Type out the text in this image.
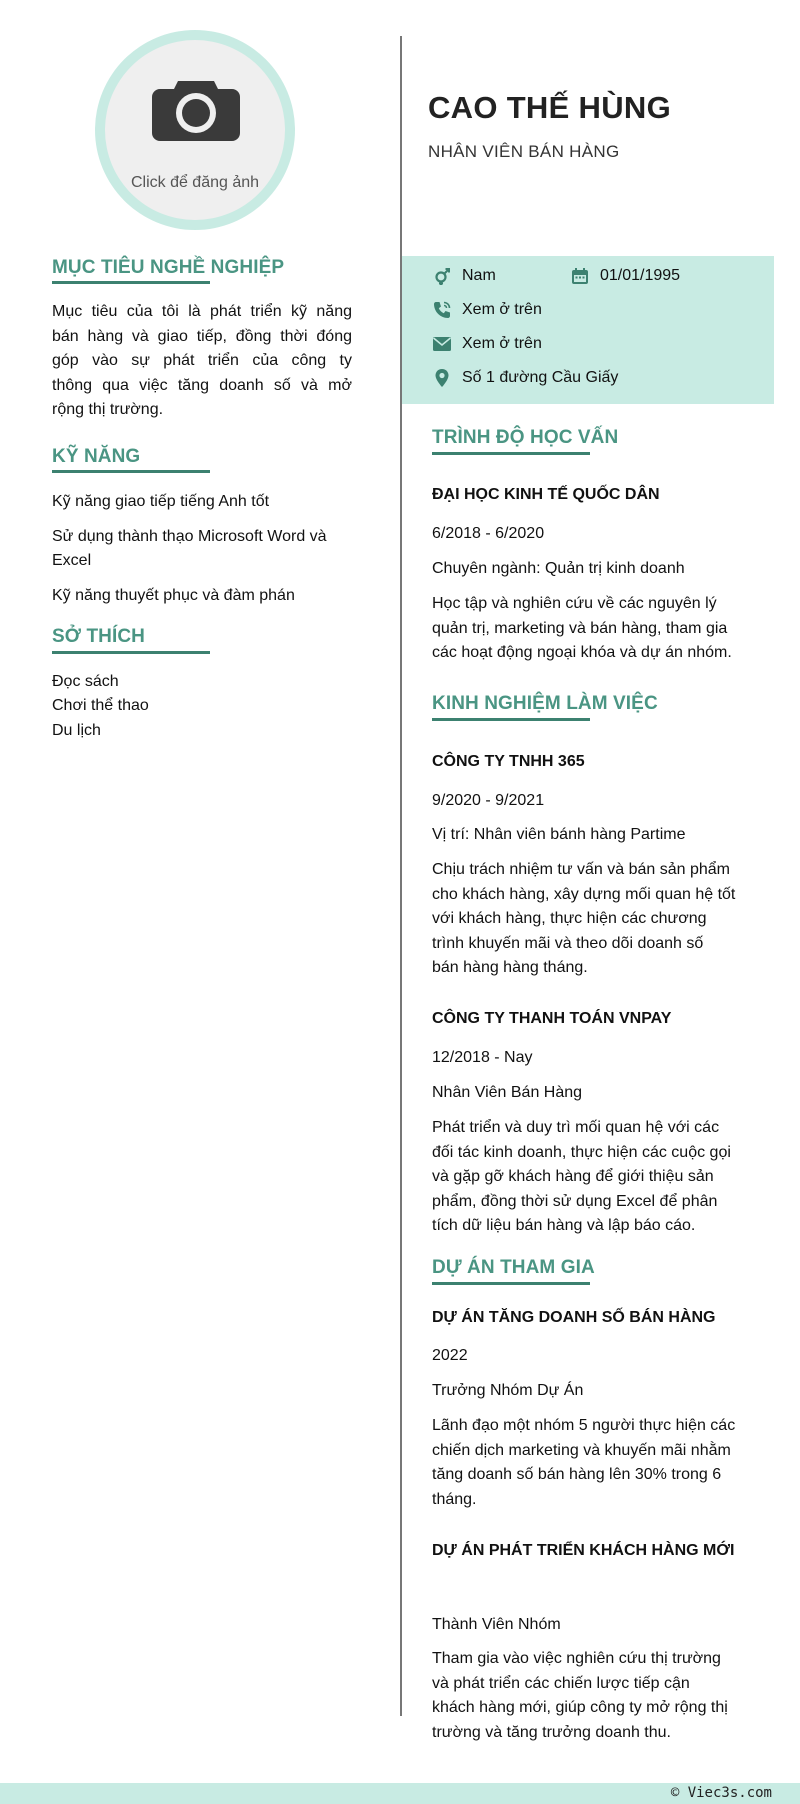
Click để đăng ảnh
MỤC TIÊU NGHỀ NGHIỆP
Mục tiêu của tôi là phát triển kỹ năng
bán hàng và giao tiếp, đồng thời đóng
góp vào sự phát triển của công ty
thông qua việc tăng doanh số và mở
rộng thị trường.
KỸ NĂNG
Kỹ năng giao tiếp tiếng Anh tốt
Sử dụng thành thạo Microsoft Word và
Excel
Kỹ năng thuyết phục và đàm phán
SỞ THÍCH
Đọc sách
Chơi thể thao
Du lịch
CAO THẾ HÙNG
NHÂN VIÊN BÁN HÀNG
Nam	01/01/1995
Xem ở trên
Xem ở trên
Số 1 đường Cầu Giấy
TRÌNH ĐỘ HỌC VẤN
ĐẠI HỌC KINH TẾ QUỐC DÂN
6/2018 - 6/2020
Chuyên ngành: Quản trị kinh doanh
Học tập và nghiên cứu về các nguyên lý
quản trị, marketing và bán hàng, tham gia
các hoạt động ngoại khóa và dự án nhóm.
KINH NGHIỆM LÀM VIỆC
CÔNG TY TNHH 365
9/2020 - 9/2021
Vị trí: Nhân viên bánh hàng Partime
Chịu trách nhiệm tư vấn và bán sản phẩm
cho khách hàng, xây dựng mối quan hệ tốt
với khách hàng, thực hiện các chương
trình khuyến mãi và theo dõi doanh số
bán hàng hàng tháng.
CÔNG TY THANH TOÁN VNPAY
12/2018 - Nay
Nhân Viên Bán Hàng
Phát triển và duy trì mối quan hệ với các
đối tác kinh doanh, thực hiện các cuộc gọi
và gặp gỡ khách hàng để giới thiệu sản
phẩm, đồng thời sử dụng Excel để phân
tích dữ liệu bán hàng và lập báo cáo.
DỰ ÁN THAM GIA
DỰ ÁN TĂNG DOANH SỐ BÁN HÀNG
2022
Trưởng Nhóm Dự Án
Lãnh đạo một nhóm 5 người thực hiện các
chiến dịch marketing và khuyến mãi nhằm
tăng doanh số bán hàng lên 30% trong 6
tháng.
DỰ ÁN PHÁT TRIỂN KHÁCH HÀNG MỚI
Thành Viên Nhóm
Tham gia vào việc nghiên cứu thị trường
và phát triển các chiến lược tiếp cận
khách hàng mới, giúp công ty mở rộng thị
trường và tăng trưởng doanh thu.
© Viec3s.com
